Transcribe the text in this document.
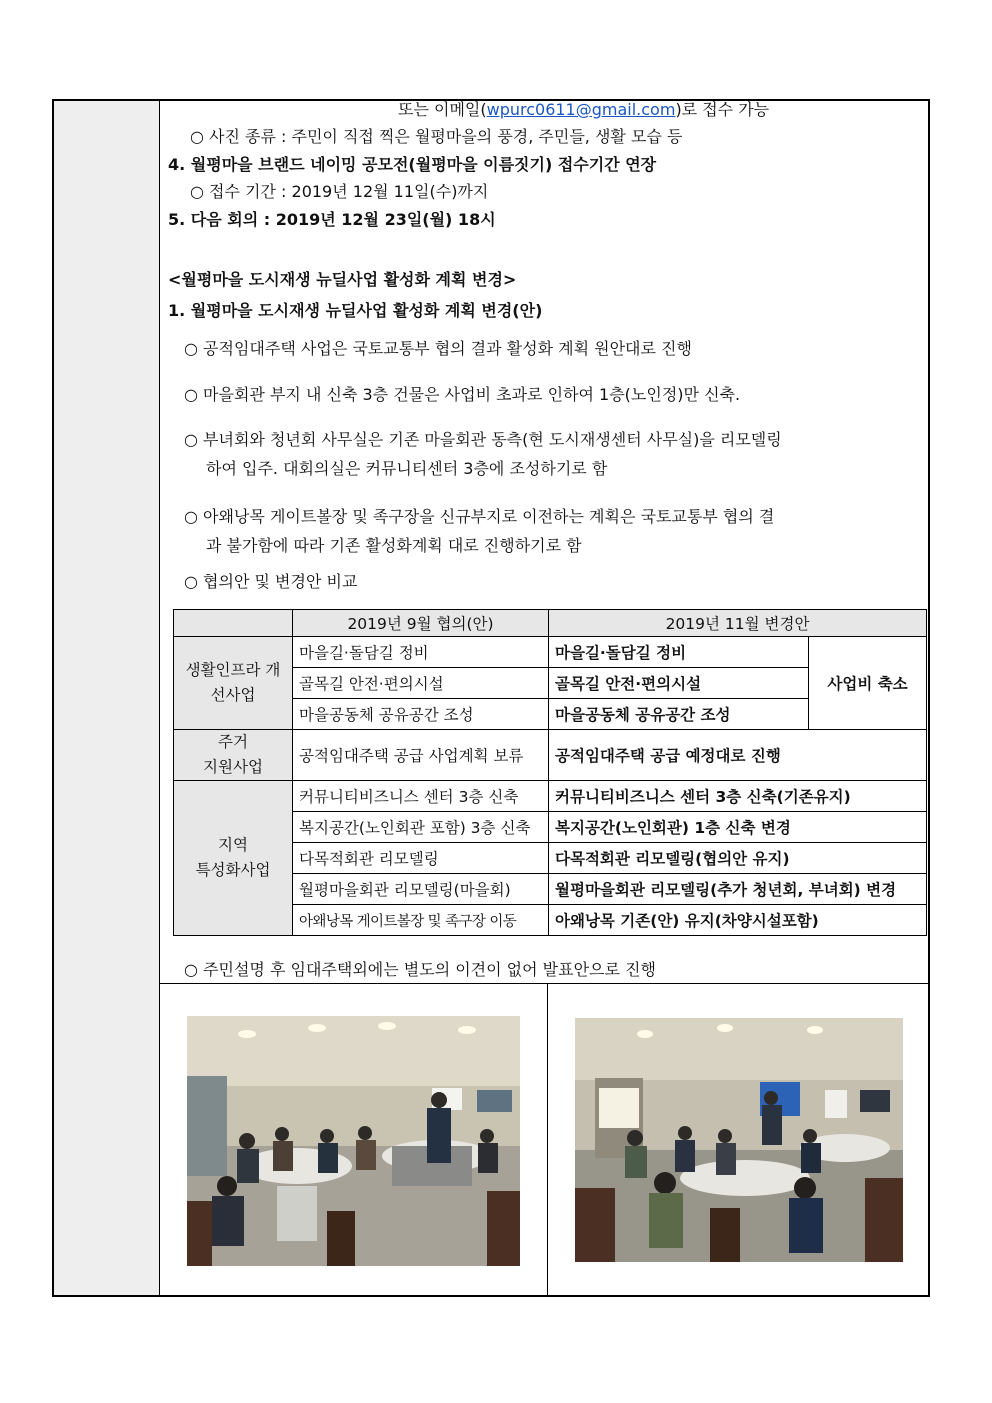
또는 이메일(wpurc0611@gmail.com)로 접수 가능
○ 사진 종류 : 주민이 직접 찍은 월평마을의 풍경, 주민들, 생활 모습 등
4. 월평마을 브랜드 네이밍 공모전(월평마을 이름짓기) 접수기간 연장
○ 접수 기간 : 2019년 12월 11일(수)까지
5. 다음 회의 : 2019년 12월 23일(월) 18시
<월평마을 도시재생 뉴딜사업 활성화 계획 변경>
1. 월평마을 도시재생 뉴딜사업 활성화 계획 변경(안)
○ 공적임대주택 사업은 국토교통부 협의 결과 활성화 계획 원안대로 진행
○ 마을회관 부지 내 신축 3층 건물은 사업비 초과로 인하여 1층(노인정)만 신축.
○ 부녀회와 청년회 사무실은 기존 마을회관 동측(현 도시재생센터 사무실)을 리모델링
하여 입주. 대회의실은 커뮤니티센터 3층에 조성하기로 함
○ 아왜낭목 게이트볼장 및 족구장을 신규부지로 이전하는 계획은 국토교통부 협의 결
과 불가함에 따라 기존 활성화계획 대로 진행하기로 함
○ 협의안 및 변경안 비교
	2019년 9월 협의(안)	2019년 11월 변경안	
생활인프라 개선사업	마을길·돌담길 정비	마을길·돌담길 정비	사업비 축소
	골목길 안전·편의시설	골목길 안전·편의시설	
	마을공동체 공유공간 조성	마을공동체 공유공간 조성	

주거
지원사업	공적임대주택 공급 사업계획 보류	공적임대주택 공급 예정대로 진행	

지역
특성화사업	커뮤니티비즈니스 센터 3층 신축	커뮤니티비즈니스 센터 3층 신축(기존유지)	
	복지공간(노인회관 포함) 3층 신축	복지공간(노인회관) 1층 신축 변경	
	다목적회관 리모델링	다목적회관 리모델링(협의안 유지)	
	월평마을회관 리모델링(마을회)	월평마을회관 리모델링(추가 청년회, 부녀회) 변경	
	아왜낭목 게이트볼장 및 족구장 이동	아왜낭목 기존(안) 유지(차양시설포함)	
○ 주민설명 후 임대주택외에는 별도의 이견이 없어 발표안으로 진행
